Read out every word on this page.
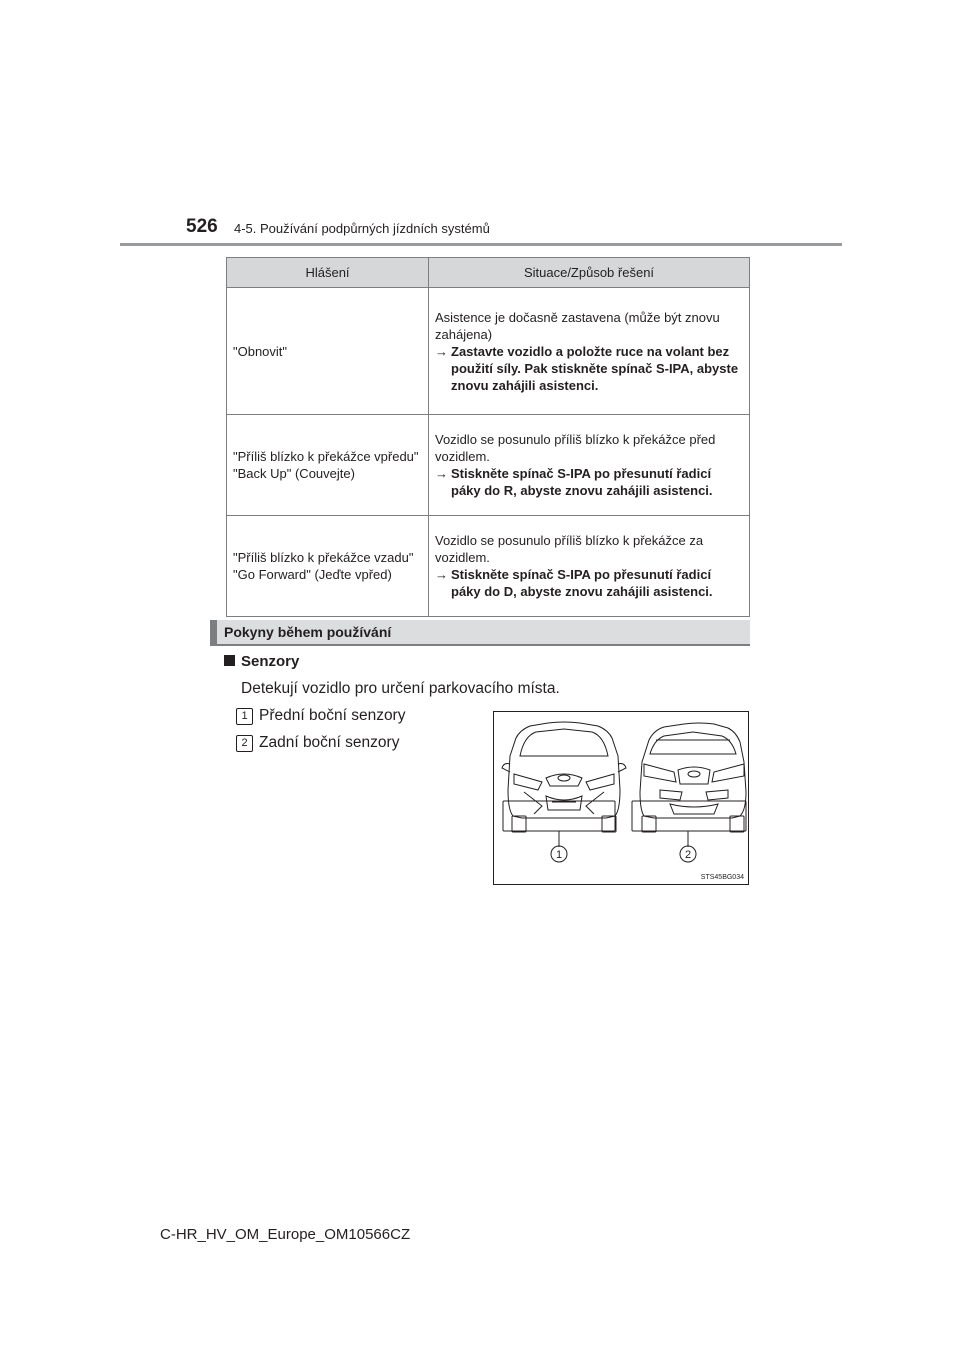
526 4-5. Používání podpůrných jízdních systémů
Hlášení	Situace/Způsob řešení
"Obnovit"	Asistence je dočasně zastavena (může být znovu zahájena)
→ Zastavte vozidlo a položte ruce na volant bez použití síly. Pak stiskněte spínač S-IPA, abyste znovu zahájili asistenci.

"Příliš blízko k překážce vpředu"
"Back Up" (Couvejte)	Vozidlo se posunulo příliš blízko k překážce před vozidlem.
→ Stiskněte spínač S-IPA po přesunutí řadicí páky do R, abyste znovu zahájili asistenci.

"Příliš blízko k překážce vzadu"
"Go Forward" (Jeďte vpřed)	Vozidlo se posunulo příliš blízko k překážce za vozidlem.
→ Stiskněte spínač S-IPA po přesunutí řadicí páky do D, abyste znovu zahájili asistenci.
Pokyny během používání
Senzory
Detekují vozidlo pro určení parkovacího místa.
1 Přední boční senzory
2 Zadní boční senzory
1	2
STS45BG034
C-HR_HV_OM_Europe_OM10566CZ
